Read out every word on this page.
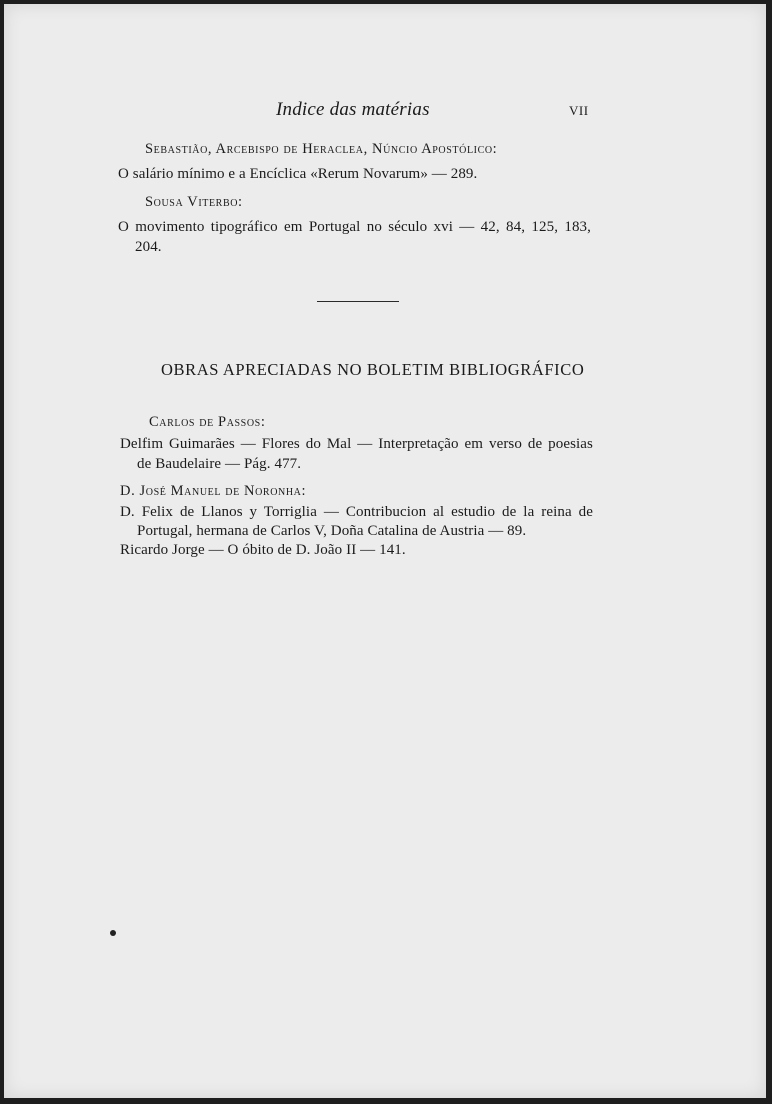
Indice das matérias	VII
Sebastião, Arcebispo de Heraclea, Núncio Apostólico:
O salário mínimo e a Encíclica «Rerum Novarum» — 289.
Sousa Viterbo:
O movimento tipográfico em Portugal no século xvi — 42, 84, 125, 183,
204.
OBRAS APRECIADAS NO BOLETIM BIBLIOGRÁFICO
Carlos de Passos:
Delfim Guimarães — Flores do Mal — Interpretação em verso de poesias
de Baudelaire — Pág. 477.
D. José Manuel de Noronha:
D. Felix de Llanos y Torriglia — Contribucion al estudio de la reina de
Portugal, hermana de Carlos V, Doña Catalina de Austria — 89.
Ricardo Jorge — O óbito de D. João II — 141.
